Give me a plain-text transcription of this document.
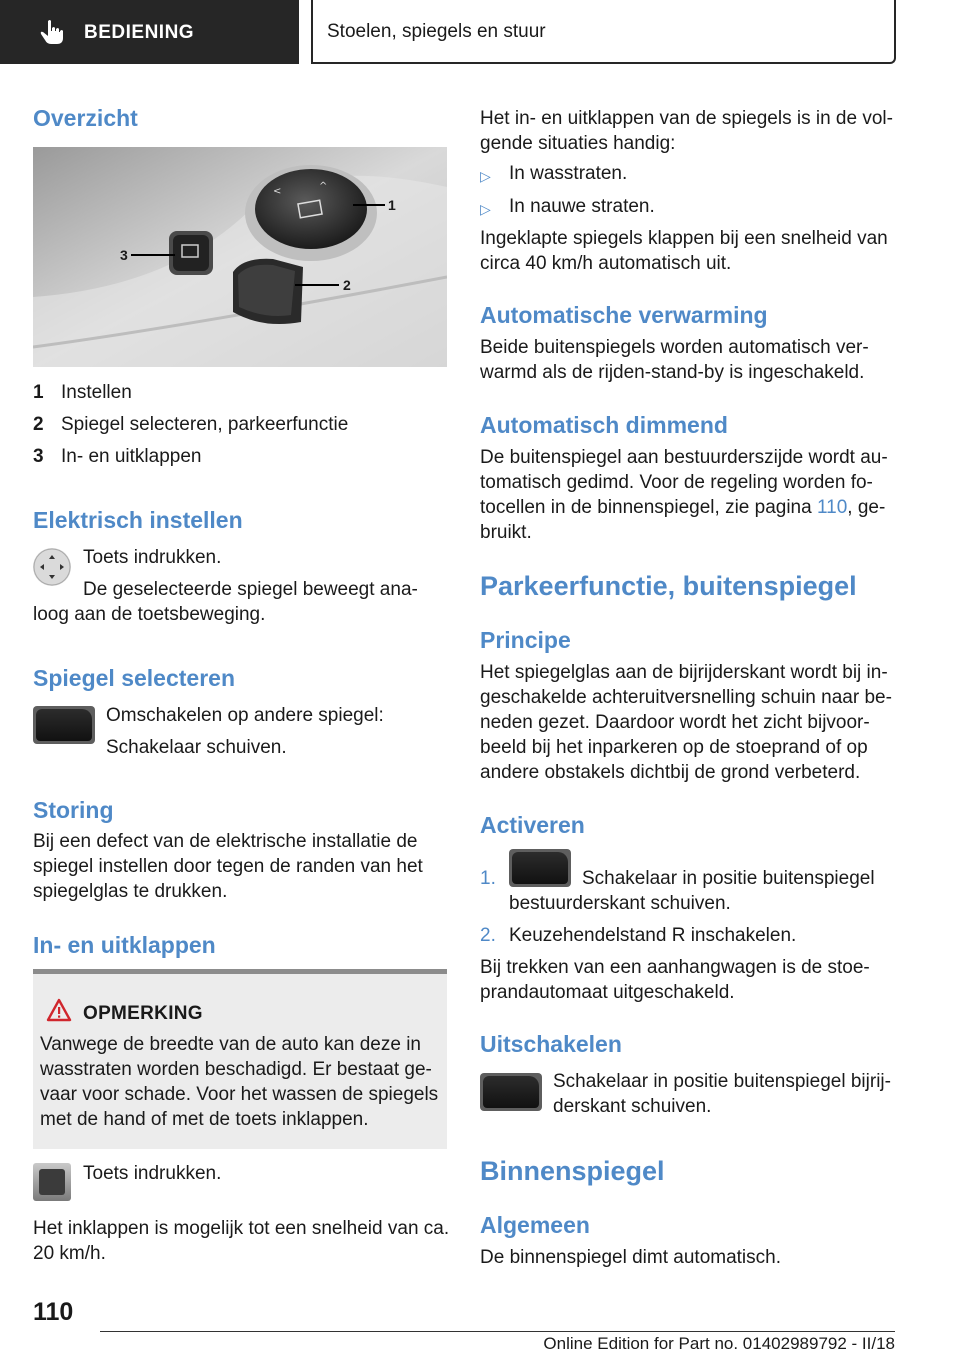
BEDIENING	Stoelen, spiegels en stuur
Overzicht
<	^
1
2
3
1 Instellen
2 Spiegel selecteren, parkeerfunctie
3 In- en uitklappen
Elektrisch instellen

Toets indrukken.

De geselecteerde spiegel beweegt ana-

loog aan de toetsbeweging.

Spiegel selecteren

Omschakelen op andere spiegel:

Schakelaar schuiven.

Storing

Bij een defect van de elektrische installatie de

spiegel instellen door tegen de randen van het

spiegelglas te drukken.

In- en uitklappen
OPMERKING

Vanwege de breedte van de auto kan deze in

wasstraten worden beschadigd. Er bestaat ge-

vaar voor schade. Voor het wassen de spiegels

met de hand of met de toets inklappen.

Toets indrukken.

Het inklappen is mogelijk tot een snelheid van ca.

20 km/h.

Het in- en uitklappen van de spiegels is in de vol-

gende situaties handig:

▷ In wasstraten.

▷ In nauwe straten.

Ingeklapte spiegels klappen bij een snelheid van

circa 40 km/h automatisch uit.

Automatische verwarming

Beide buitenspiegels worden automatisch ver-

warmd als de rijden-stand-by is ingeschakeld.

Automatisch dimmend

De buitenspiegel aan bestuurderszijde wordt au-

tomatisch gedimd. Voor de regeling worden fo-

tocellen in de binnenspiegel, zie pagina 110, ge-

bruikt.

Parkeerfunctie, buitenspiegel
Principe

Het spiegelglas aan de bijrijderskant wordt bij in-

geschakelde achteruitversnelling schuin naar be-

neden gezet. Daardoor wordt het zicht bijvoor-

beeld bij het inparkeren op de stoeprand of op

andere obstakels dichtbij de grond verbeterd.

Activeren
1.	Schakelaar in positie buitenspiegel

bestuurderskant schuiven.

2. Keuzehendelstand R inschakelen.

Bij trekken van een aanhangwagen is de stoe-

prandautomaat uitgeschakeld.

Uitschakelen

Schakelaar in positie buitenspiegel bijrij-

derskant schuiven.

Binnenspiegel
Algemeen

De binnenspiegel dimt automatisch.

110
Online Edition for Part no. 01402989792 - II/18
